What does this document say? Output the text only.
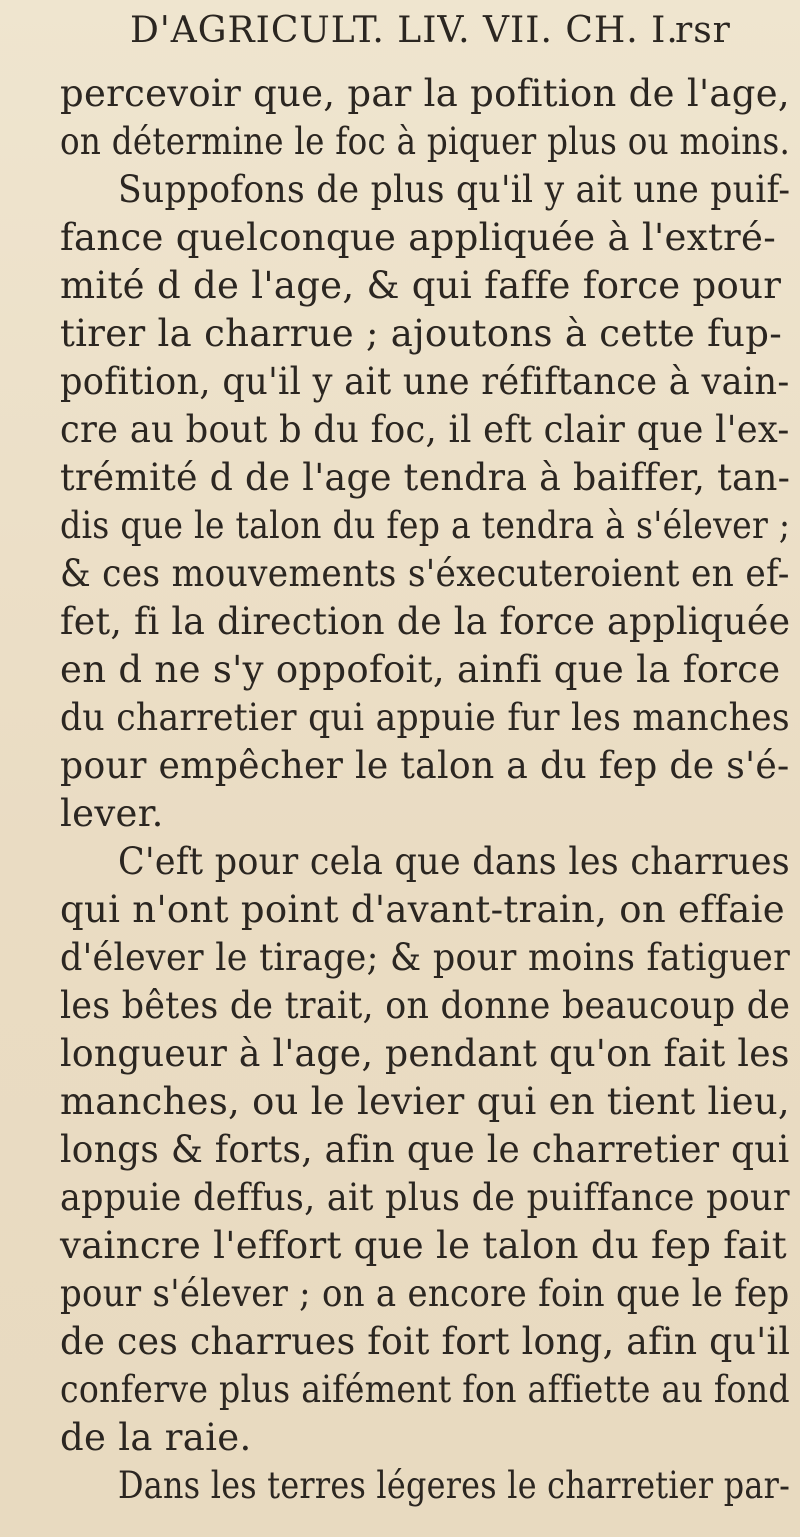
D'AGRICULT. LIV. VII. CH. I.
rsr
percevoir que, par la pofition de l'age,
on détermine le foc à piquer plus ou moins.
Suppofons de plus qu'il y ait une puif-
fance quelconque appliquée à l'extré-
mité d de l'age, & qui faffe force pour
tirer la charrue ; ajoutons à cette fup-
pofition, qu'il y ait une réfiftance à vain-
cre au bout b du foc, il eft clair que l'ex-
trémité d de l'age tendra à baiffer, tan-
dis que le talon du fep a tendra à s'élever ;
& ces mouvements s'éxecuteroient en ef-
fet, fi la direction de la force appliquée
en d ne s'y oppofoit, ainfi que la force
du charretier qui appuie fur les manches
pour empêcher le talon a du fep de s'é-
lever.
C'eft pour cela que dans les charrues
qui n'ont point d'avant-train, on effaie
d'élever le tirage; & pour moins fatiguer
les bêtes de trait, on donne beaucoup de
longueur à l'age, pendant qu'on fait les
manches, ou le levier qui en tient lieu,
longs & forts, afin que le charretier qui
appuie deffus, ait plus de puiffance pour
vaincre l'effort que le talon du fep fait
pour s'élever ; on a encore foin que le fep
de ces charrues foit fort long, afin qu'il
conferve plus aifément fon affiette au fond
de la raie.
Dans les terres légeres le charretier par-
